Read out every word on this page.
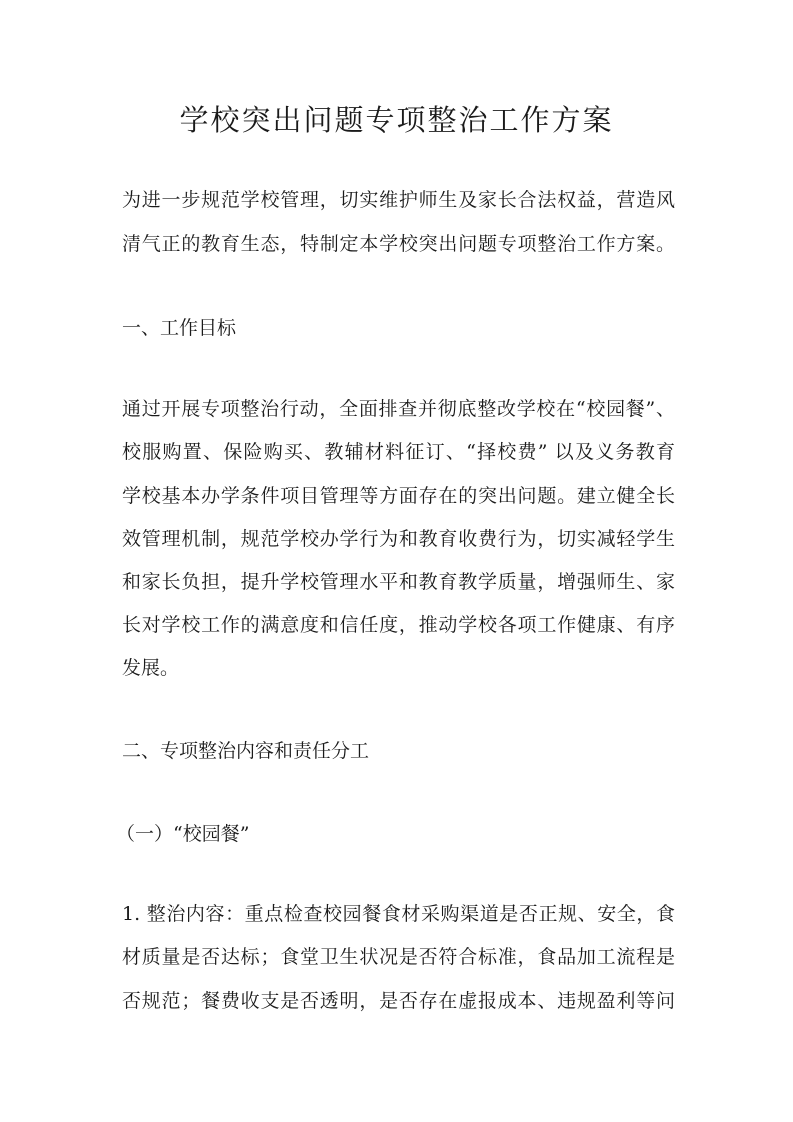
学校突出问题专项整治工作方案
为进一步规范学校管理，切实维护师生及家长合法权益，营造风
清气正的教育生态，特制定本学校突出问题专项整治工作方案。
一、工作目标
通过开展专项整治行动，全面排查并彻底整改学校在“校园餐”、
校服购置、保险购买、教辅材料征订、“择校费” 以及义务教育
学校基本办学条件项目管理等方面存在的突出问题。建立健全长
效管理机制，规范学校办学行为和教育收费行为，切实减轻学生
和家长负担，提升学校管理水平和教育教学质量，增强师生、家
长对学校工作的满意度和信任度，推动学校各项工作健康、有序
发展。
二、专项整治内容和责任分工
（一）“校园餐”
1. 整治内容：重点检查校园餐食材采购渠道是否正规、安全，食
材质量是否达标；食堂卫生状况是否符合标准，食品加工流程是
否规范；餐费收支是否透明，是否存在虚报成本、违规盈利等问
